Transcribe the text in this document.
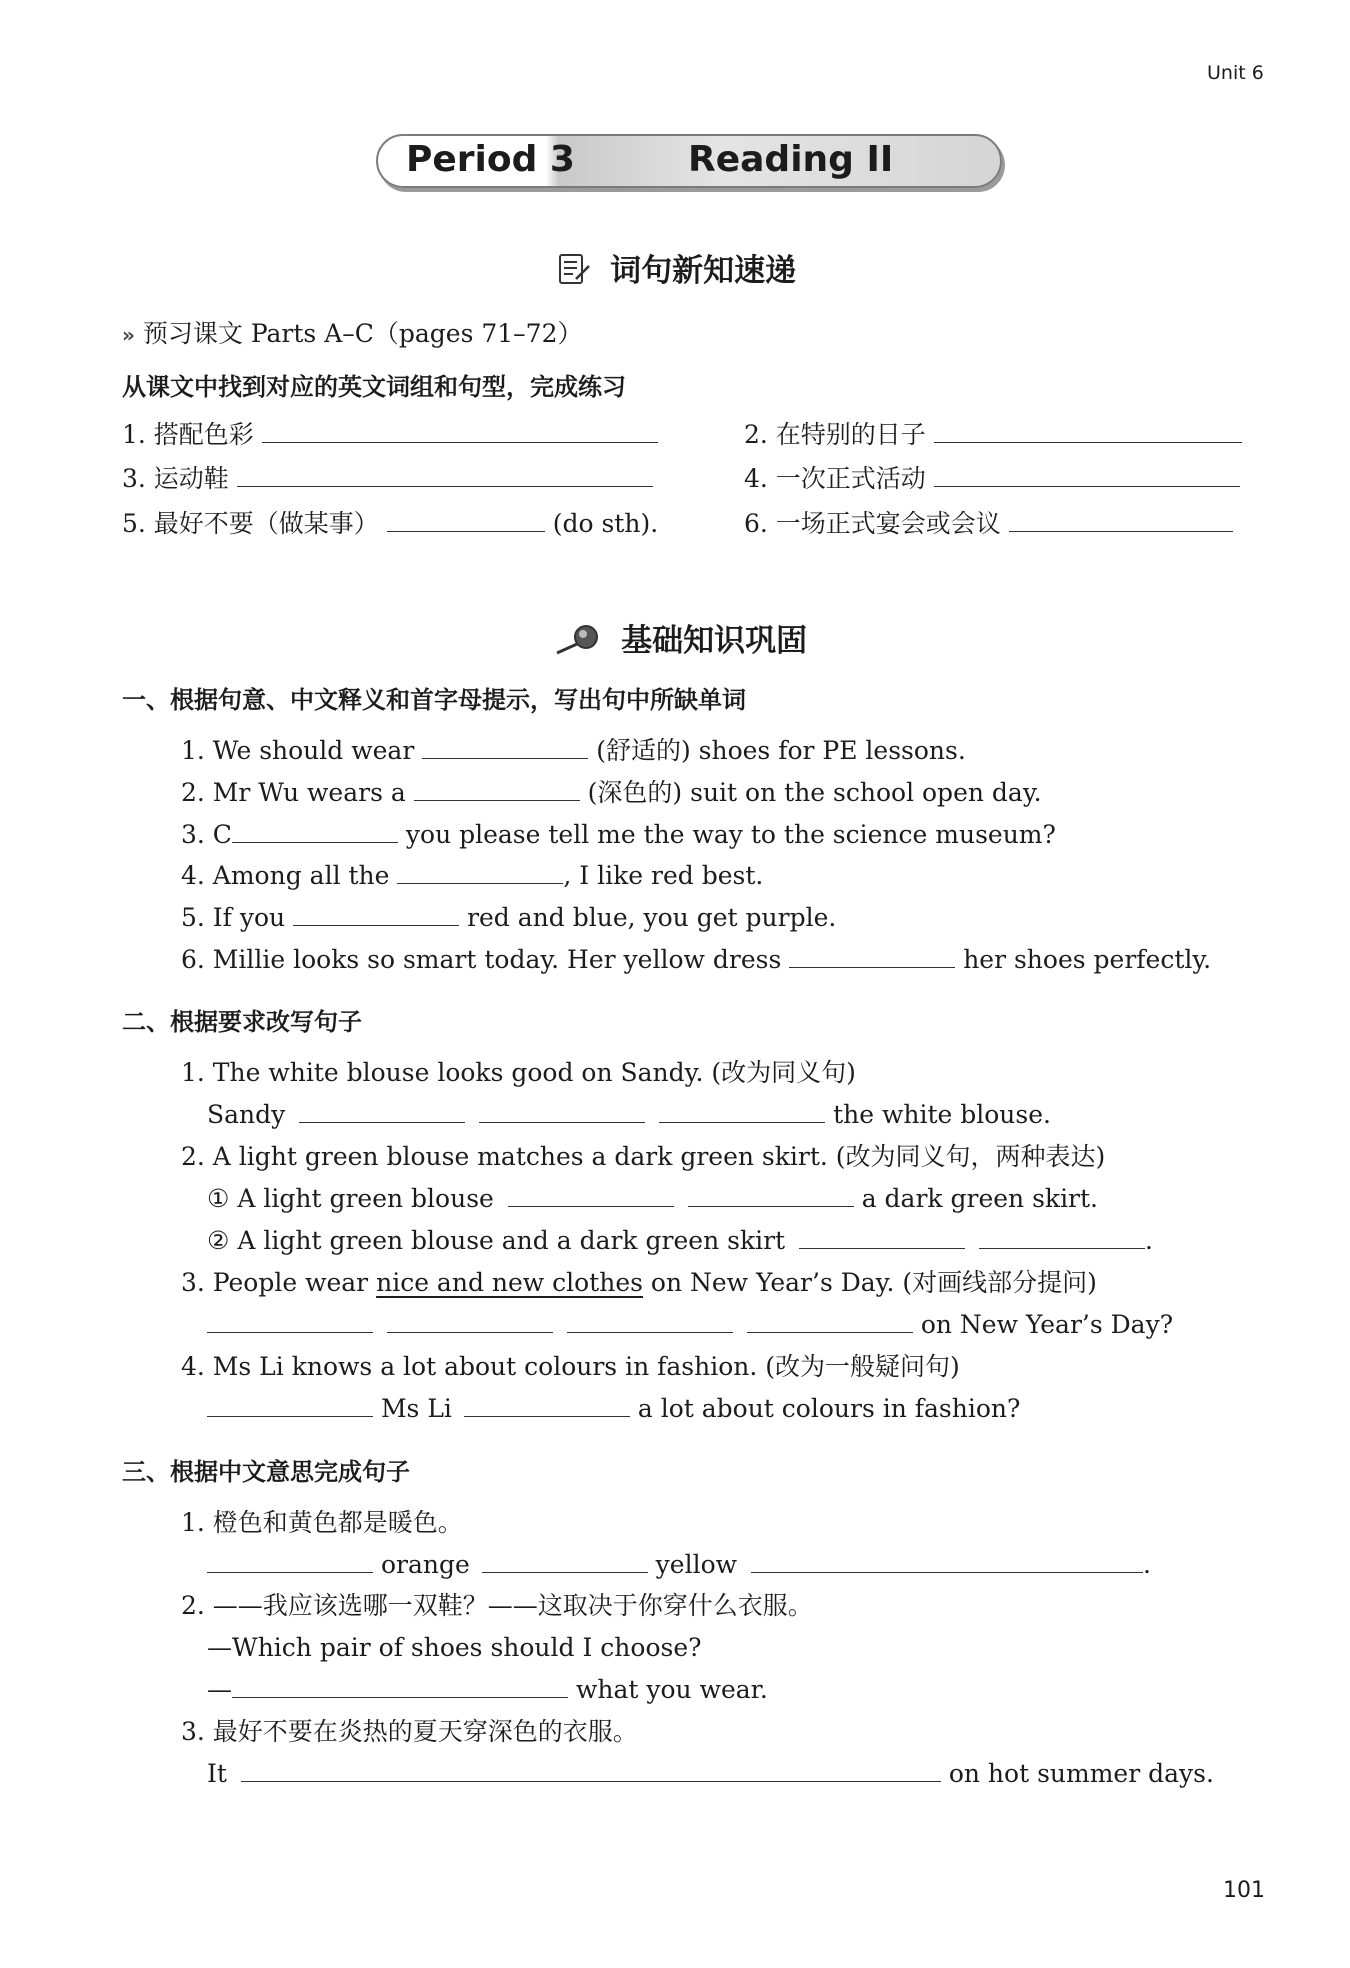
Unit 6
Period 3	Reading II
词句新知速递
» 预习课文 Parts A–C（pages 71–72）
从课文中找到对应的英文词组和句型，完成练习
1. 搭配色彩	2. 在特别的日子
3. 运动鞋	4. 一次正式活动
5. 最好不要（做某事）	(do sth).	6. 一场正式宴会或会议
基础知识巩固
一、根据句意、中文释义和首字母提示，写出句中所缺单词
1. We should wear	(舒适的) shoes for PE lessons.
2. Mr Wu wears a	(深色的) suit on the school open day.
3. C	you please tell me the way to the science museum?
4. Among all the	, I like red best.
5. If you	red and blue, you get purple.
6. Millie looks so smart today. Her yellow dress	her shoes perfectly.
二、根据要求改写句子
1. The white blouse looks good on Sandy. (改为同义句)
Sandy	the white blouse.
2. A light green blouse matches a dark green skirt. (改为同义句，两种表达)
① A light green blouse	a dark green skirt.
② A light green blouse and a dark green skirt	.
3. People wear nice and new clothes on New Year’s Day. (对画线部分提问)
on New Year’s Day?
4. Ms Li knows a lot about colours in fashion. (改为一般疑问句)
Ms Li	a lot about colours in fashion?
三、根据中文意思完成句子
1. 橙色和黄色都是暖色。
orange	yellow	.
2. ——我应该选哪一双鞋？——这取决于你穿什么衣服。
—Which pair of shoes should I choose?
—	what you wear.
3. 最好不要在炎热的夏天穿深色的衣服。
It	on hot summer days.
101
